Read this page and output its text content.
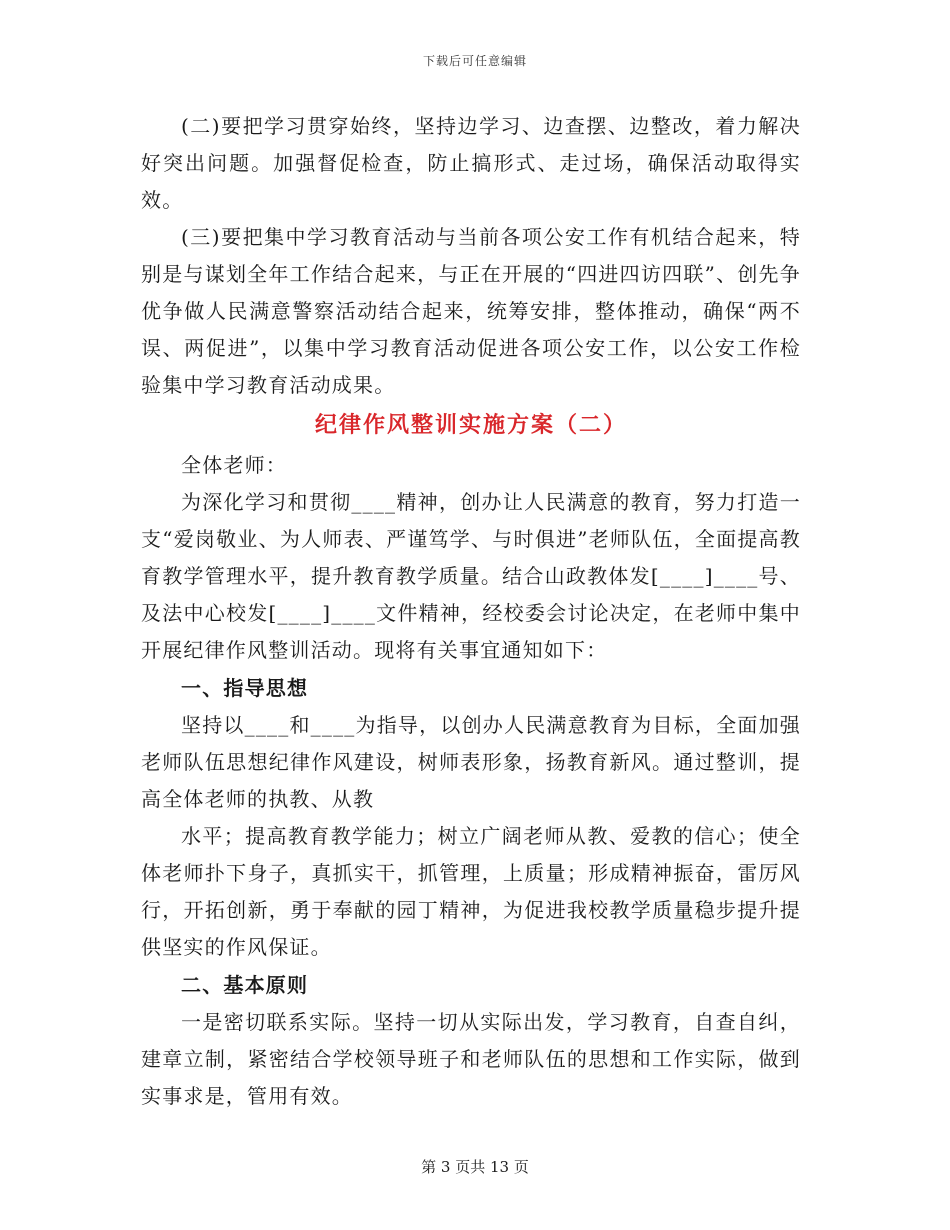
下载后可任意编辑

(二)要把学习贯穿始终，坚持边学习、边查摆、边整改，着力解决好突出问题。加强督促检查，防止搞形式、走过场，确保活动取得实效。

(三)要把集中学习教育活动与当前各项公安工作有机结合起来，特别是与谋划全年工作结合起来，与正在开展的“四进四访四联”、创先争优争做人民满意警察活动结合起来，统筹安排，整体推动，确保“两不误、两促进”，以集中学习教育活动促进各项公安工作，以公安工作检验集中学习教育活动成果。

纪律作风整训实施方案（二）

全体老师：

为深化学习和贯彻____精神，创办让人民满意的教育，努力打造一支“爱岗敬业、为人师表、严谨笃学、与时俱进”老师队伍，全面提高教育教学管理水平，提升教育教学质量。结合山政教体发[____]____号、及法中心校发[____]____文件精神，经校委会讨论决定，在老师中集中开展纪律作风整训活动。现将有关事宜通知如下：

一、指导思想

坚持以____和____为指导，以创办人民满意教育为目标，全面加强老师队伍思想纪律作风建设，树师表形象，扬教育新风。通过整训，提高全体老师的执教、从教

水平；提高教育教学能力；树立广阔老师从教、爱教的信心；使全体老师扑下身子，真抓实干，抓管理，上质量；形成精神振奋，雷厉风行，开拓创新，勇于奉献的园丁精神，为促进我校教学质量稳步提升提供坚实的作风保证。

二、基本原则

一是密切联系实际。坚持一切从实际出发，学习教育，自查自纠，建章立制，紧密结合学校领导班子和老师队伍的思想和工作实际，做到实事求是，管用有效。

第 3 页共 13 页
